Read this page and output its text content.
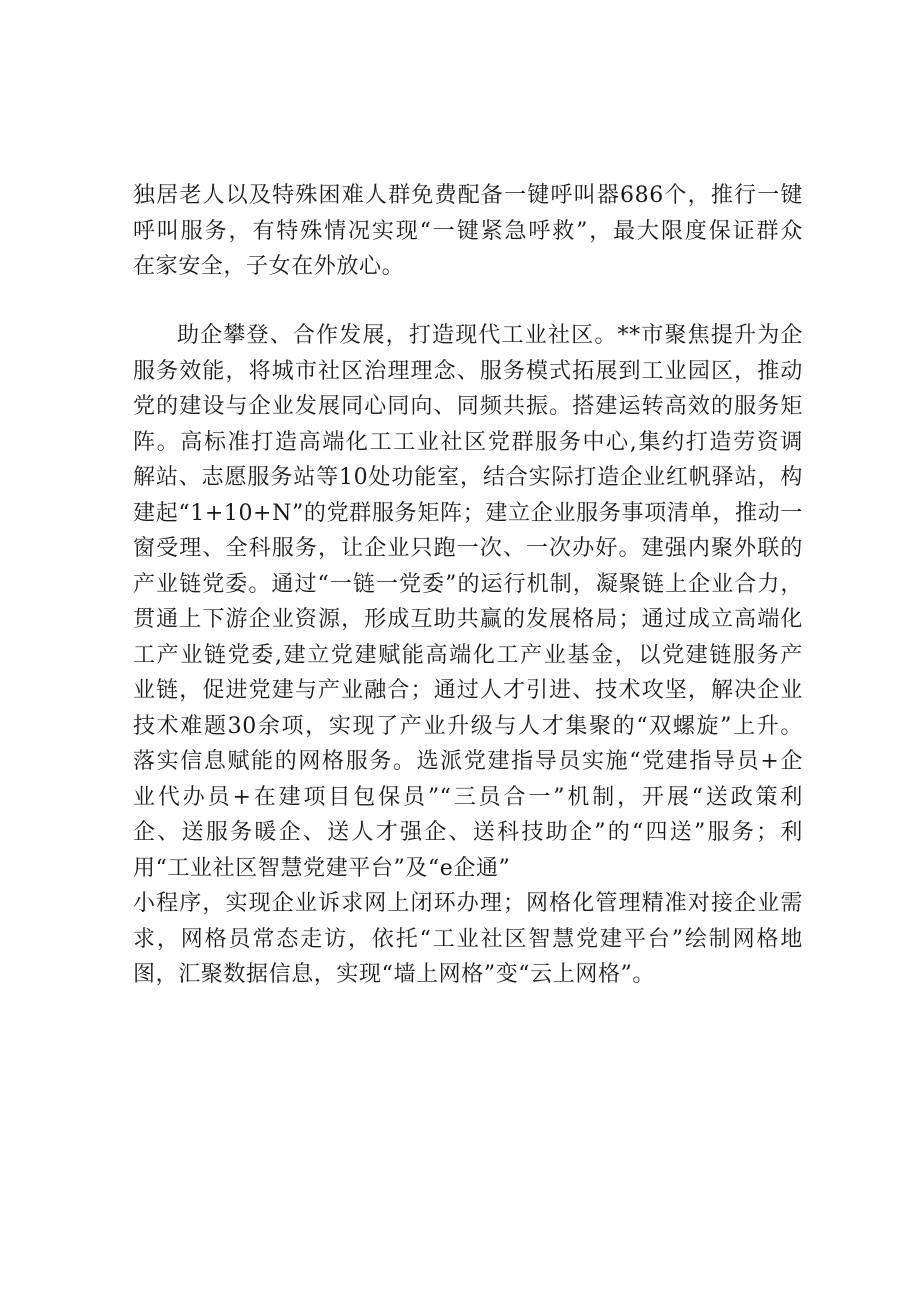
独居老人以及特殊困难人群免费配备一键呼叫器686个，推行一键
呼叫服务，有特殊情况实现“一键紧急呼救”，最大限度保证群众
在家安全，子女在外放心。
助企攀登、合作发展，打造现代工业社区。**市聚焦提升为企
服务效能，将城市社区治理理念、服务模式拓展到工业园区，推动
党的建设与企业发展同心同向、同频共振。搭建运转高效的服务矩
阵。高标准打造高端化工工业社区党群服务中心,集约打造劳资调
解站、志愿服务站等10处功能室，结合实际打造企业红帆驿站，构
建起“1+10+N”的党群服务矩阵；建立企业服务事项清单，推动一
窗受理、全科服务，让企业只跑一次、一次办好。建强内聚外联的
产业链党委。通过“一链一党委”的运行机制，凝聚链上企业合力，
贯通上下游企业资源，形成互助共赢的发展格局；通过成立高端化
工产业链党委,建立党建赋能高端化工产业基金，以党建链服务产
业链，促进党建与产业融合；通过人才引进、技术攻坚，解决企业
技术难题30余项，实现了产业升级与人才集聚的“双螺旋”上升。
落实信息赋能的网格服务。选派党建指导员实施“党建指导员+企
业代办员+在建项目包保员”“三员合一”机制，开展“送政策利
企、送服务暖企、送人才强企、送科技助企”的“四送”服务；利
用“工业社区智慧党建平台”及“e企通”
小程序，实现企业诉求网上闭环办理；网格化管理精准对接企业需
求，网格员常态走访，依托“工业社区智慧党建平台”绘制网格地
图，汇聚数据信息，实现“墙上网格”变“云上网格”。
